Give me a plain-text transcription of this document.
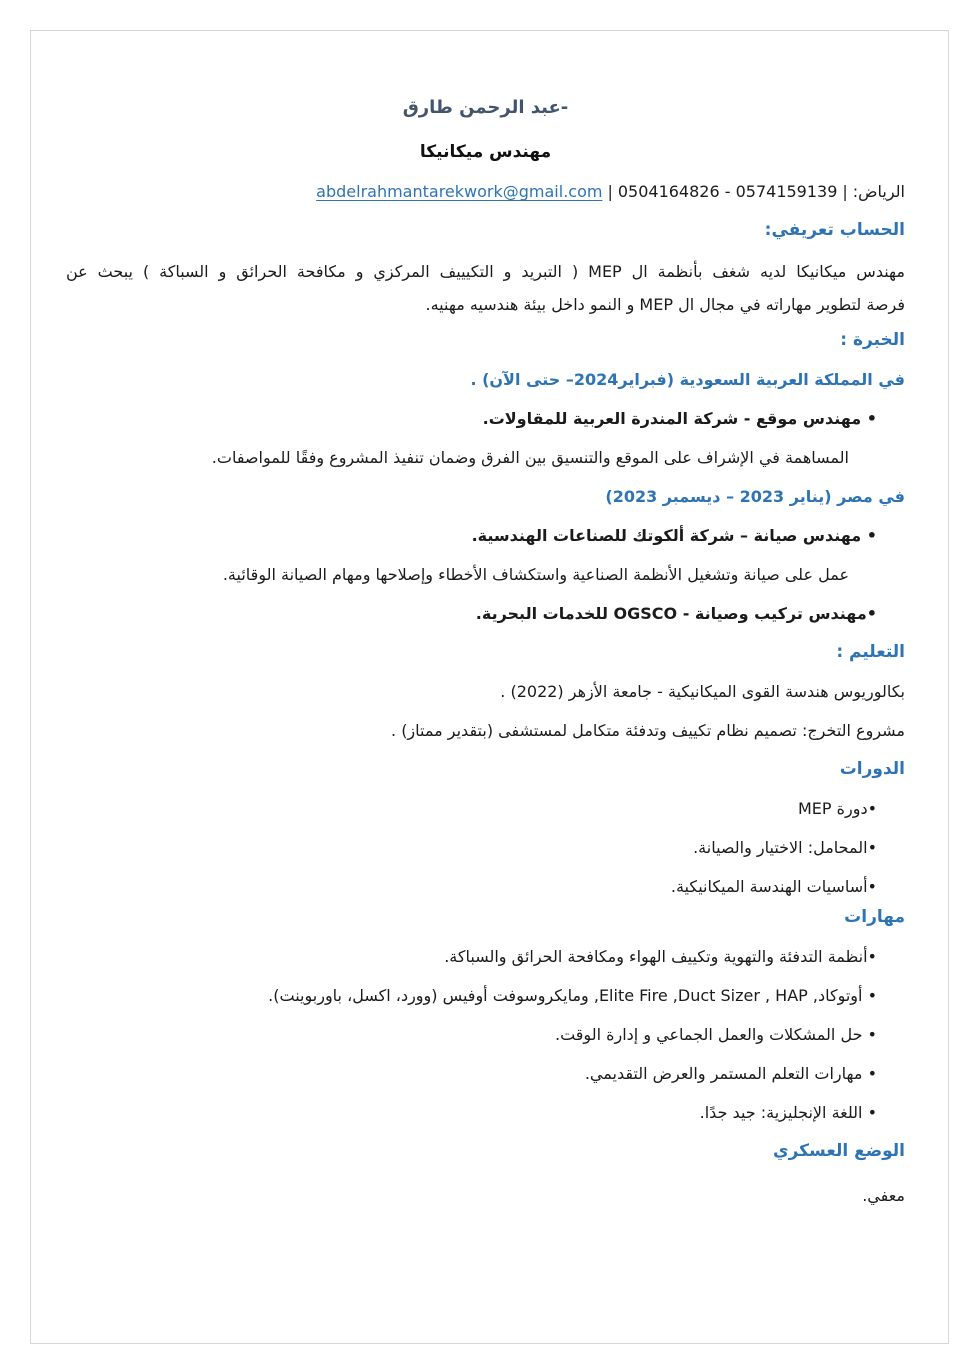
-عبد الرحمن طارق

مهندس ميكانيكا

الرياض:|0574159139 - 0504164826|abdelrahmantarekwork@gmail.com

الحساب تعريفي:

مهندس ميكانيكا لديه شغف بأنظمة ال MEP ( التبريد و التكيييف المركزي و مكافحة الحرائق و السباكة ) يبحث عن

فرصة لتطوير مهاراته في مجال ال MEP و النمو داخل بيئة هندسيه مهنيه.

الخبرة :

في المملكة العربية السعودية (فبراير2024– حتى الآن) .

• مهندس موقع - شركة المندرة العربية للمقاولات.

المساهمة في الإشراف على الموقع والتنسيق بين الفرق وضمان تنفيذ المشروع وفقًا للمواصفات.

في مصر (يناير 2023 – ديسمبر 2023)

• مهندس صيانة – شركة ألكوتك للصناعات الهندسية.

عمل على صيانة وتشغيل الأنظمة الصناعية واستكشاف الأخطاء وإصلاحها ومهام الصيانة الوقائية.

•مهندس تركيب وصيانة - OGSCO للخدمات البحرية.

التعليم :

بكالوريوس هندسة القوى الميكانيكية - جامعة الأزهر (2022) .

مشروع التخرج: تصميم نظام تكييف وتدفئة متكامل لمستشفى (بتقدير ممتاز) .

الدورات

•دورة MEP

•المحامل: الاختيار والصيانة.

•أساسيات الهندسة الميكانيكية.

مهارات

•أنظمة التدفئة والتهوية وتكييف الهواء ومكافحة الحرائق والسباكة.

• أوتوكاد, Elite Fire ,Duct Sizer , HAP, ومايكروسوفت أوفيس (وورد، اكسل، باوربوينت).

• حل المشكلات والعمل الجماعي و إدارة الوقت.

• مهارات التعلم المستمر والعرض التقديمي.

• اللغة الإنجليزية: جيد جدًا.

الوضع العسكري

معفي.
